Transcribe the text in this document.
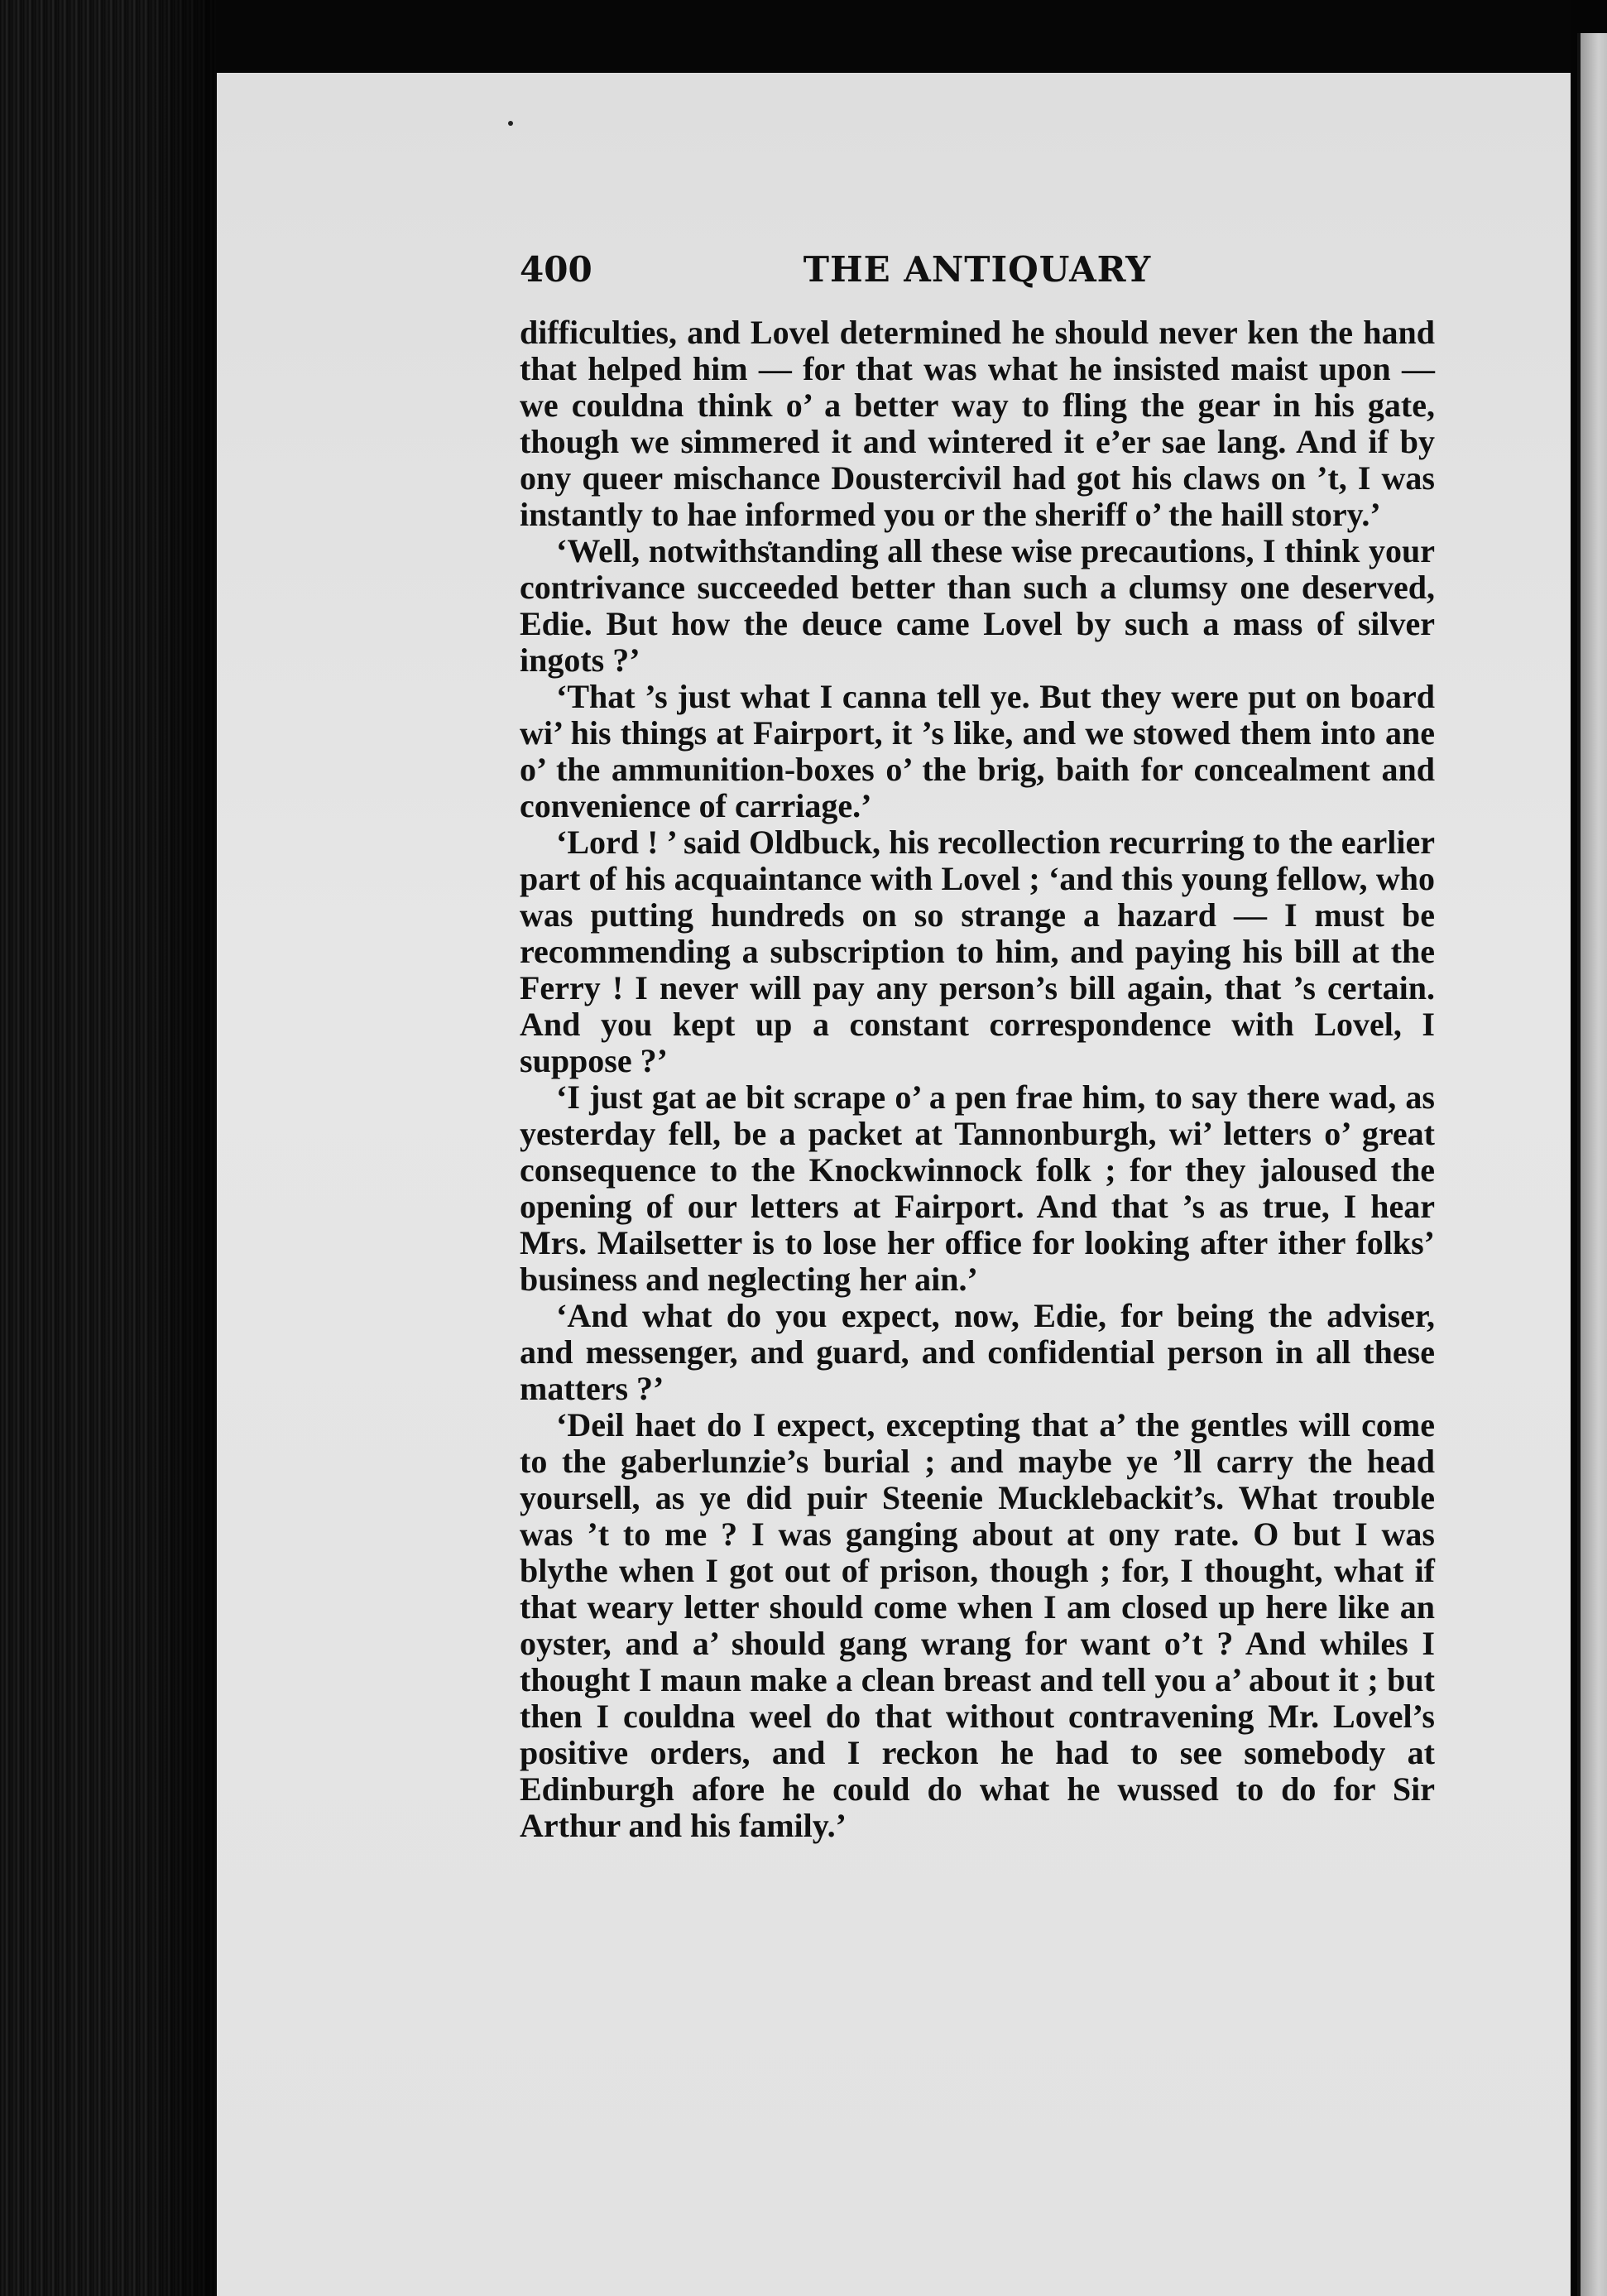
400	THE ANTIQUARY

difficulties, and Lovel determined he should never ken the hand that helped him — for that was what he insisted maist upon — we couldna think o’ a better way to fling the gear in his gate, though we simmered it and wintered it e’er sae lang. And if by ony queer mischance Doustercivil had got his claws on ’t, I was instantly to hae informed you or the sheriff o’ the haill story.’

‘Well, notwithstanding all these wise precautions, I think your contrivance succeeded better than such a clumsy one deserved, Edie. But how the deuce came Lovel by such a mass of silver ingots ?’

‘That ’s just what I canna tell ye. But they were put on board wi’ his things at Fairport, it ’s like, and we stowed them into ane o’ the ammunition-boxes o’ the brig, baith for concealment and convenience of carriage.’

‘Lord ! ’ said Oldbuck, his recollection recurring to the earlier part of his acquaintance with Lovel ; ‘and this young fellow, who was putting hundreds on so strange a hazard — I must be recommending a subscription to him, and paying his bill at the Ferry ! I never will pay any person’s bill again, that ’s certain. And you kept up a constant correspondence with Lovel, I suppose ?’

‘I just gat ae bit scrape o’ a pen frae him, to say there wad, as yesterday fell, be a packet at Tannonburgh, wi’ letters o’ great consequence to the Knockwinnock folk ; for they jaloused the opening of our letters at Fairport. And that ’s as true, I hear Mrs. Mailsetter is to lose her office for looking after ither folks’ business and neglecting her ain.’

‘And what do you expect, now, Edie, for being the adviser, and messenger, and guard, and confidential person in all these matters ?’

‘Deil haet do I expect, excepting that a’ the gentles will come to the gaberlunzie’s burial ; and maybe ye ’ll carry the head yoursell, as ye did puir Steenie Mucklebackit’s. What trouble was ’t to me ? I was ganging about at ony rate. O but I was blythe when I got out of prison, though ; for, I thought, what if that weary letter should come when I am closed up here like an oyster, and a’ should gang wrang for want o’t ? And whiles I thought I maun make a clean breast and tell you a’ about it ; but then I couldna weel do that without contravening Mr. Lovel’s positive orders, and I reckon he had to see somebody at Edinburgh afore he could do what he wussed to do for Sir Arthur and his family.’
